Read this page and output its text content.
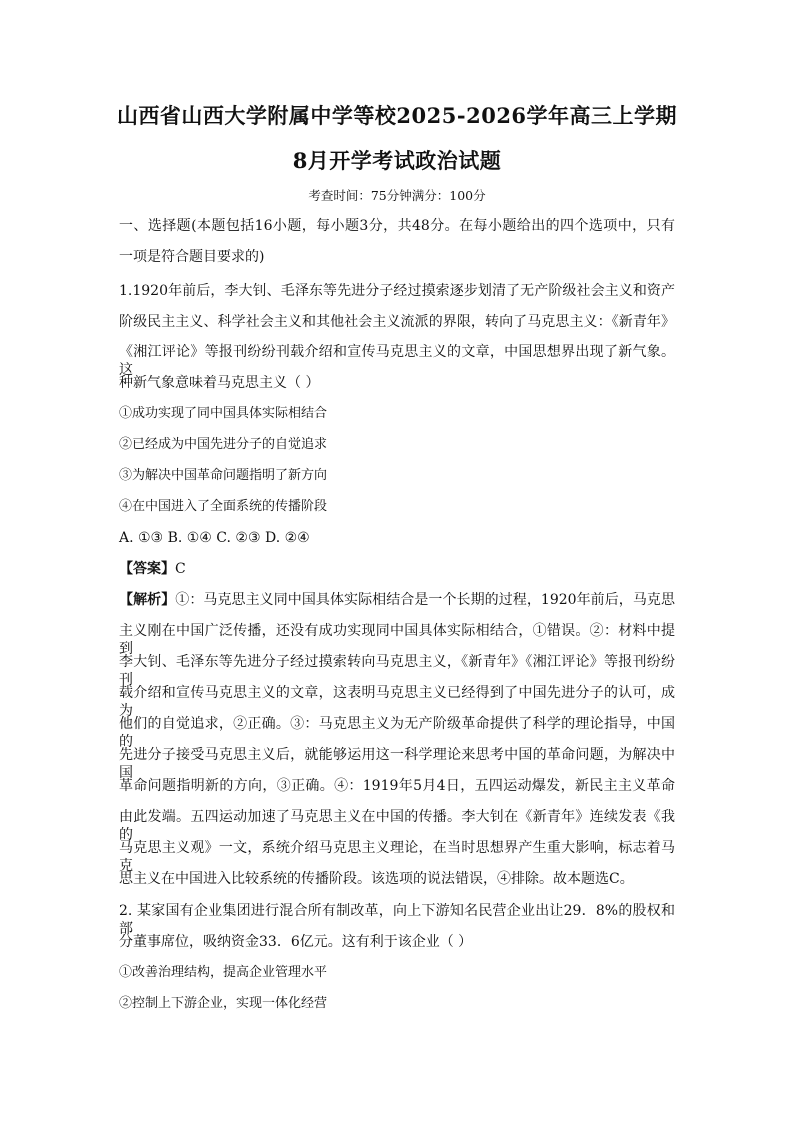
山西省山西大学附属中学等校2025-2026学年高三上学期
8月开学考试政治试题
考查时间：75分钟满分：100分
一、选择题(本题包括16小题，每小题3分，共48分。在每小题给出的四个选项中，只有
一项是符合题目要求的)
1.1920年前后，李大钊、毛泽东等先进分子经过摸索逐步划清了无产阶级社会主义和资产
阶级民主主义、科学社会主义和其他社会主义流派的界限，转向了马克思主义：《新青年》
《湘江评论》等报刊纷纷刊载介绍和宣传马克思主义的文章，中国思想界出现了新气象。这
种新气象意味着马克思主义（ ）
①成功实现了同中国具体实际相结合
②已经成为中国先进分子的自觉追求
③为解决中国革命问题指明了新方向
④在中国进入了全面系统的传播阶段
A. ①③ B. ①④ C. ②③ D. ②④
【答案】C
【解析】①：马克思主义同中国具体实际相结合是一个长期的过程，1920年前后，马克思
主义刚在中国广泛传播，还没有成功实现同中国具体实际相结合，①错误。②：材料中提到
李大钊、毛泽东等先进分子经过摸索转向马克思主义，《新青年》《湘江评论》等报刊纷纷刊
载介绍和宣传马克思主义的文章，这表明马克思主义已经得到了中国先进分子的认可，成为
他们的自觉追求，②正确。③：马克思主义为无产阶级革命提供了科学的理论指导，中国的
先进分子接受马克思主义后，就能够运用这一科学理论来思考中国的革命问题，为解决中国
革命问题指明新的方向，③正确。④：1919年5月4日，五四运动爆发，新民主主义革命
由此发端。五四运动加速了马克思主义在中国的传播。李大钊在《新青年》连续发表《我的
马克思主义观》一文，系统介绍马克思主义理论，在当时思想界产生重大影响，标志着马克
思主义在中国进入比较系统的传播阶段。该选项的说法错误，④排除。故本题选C。
2. 某家国有企业集团进行混合所有制改革，向上下游知名民营企业出让29．8%的股权和部
分董事席位，吸纳资金33．6亿元。这有利于该企业（ ）
①改善治理结构，提高企业管理水平
②控制上下游企业，实现一体化经营
